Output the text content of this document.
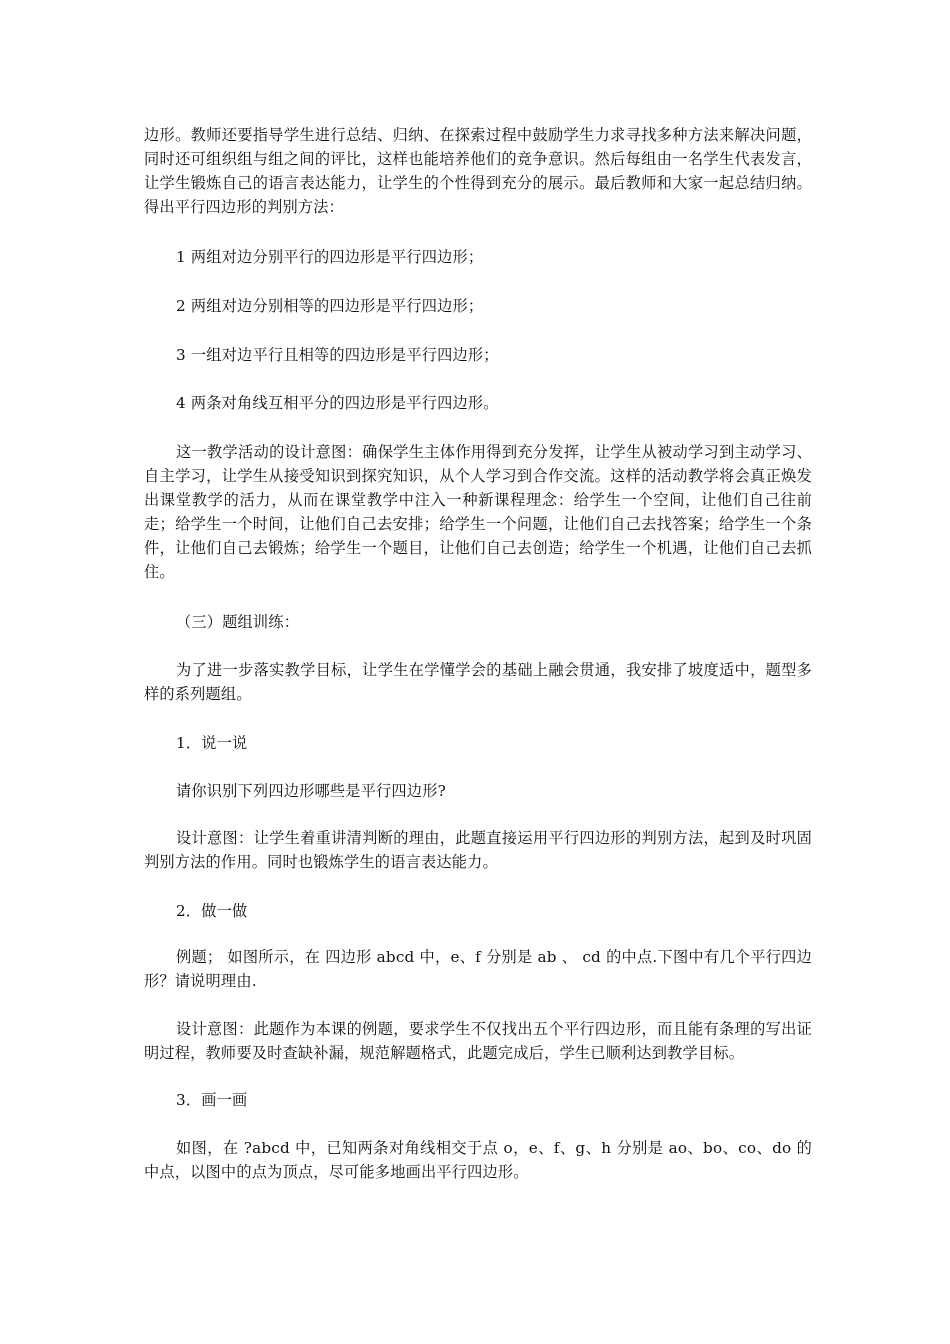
边形。教师还要指导学生进行总结、归纳、在探索过程中鼓励学生力求寻找多种方法来解决问题，同时还可组织组与组之间的评比，这样也能培养他们的竞争意识。然后每组由一名学生代表发言，让学生锻炼自己的语言表达能力，让学生的个性得到充分的展示。最后教师和大家一起总结归纳。得出平行四边形的判别方法：

1 两组对边分别平行的四边形是平行四边形；

2 两组对边分别相等的四边形是平行四边形；

3 一组对边平行且相等的四边形是平行四边形；

4 两条对角线互相平分的四边形是平行四边形。

这一教学活动的设计意图：确保学生主体作用得到充分发挥，让学生从被动学习到主动学习、自主学习，让学生从接受知识到探究知识，从个人学习到合作交流。这样的活动教学将会真正焕发出课堂教学的活力，从而在课堂教学中注入一种新课程理念：给学生一个空间，让他们自己往前走；给学生一个时间，让他们自己去安排；给学生一个问题，让他们自己去找答案；给学生一个条件，让他们自己去锻炼；给学生一个题目，让他们自己去创造；给学生一个机遇，让他们自己去抓住。

（三）题组训练：

为了进一步落实教学目标，让学生在学懂学会的基础上融会贯通，我安排了坡度适中，题型多样的系列题组。

1．说一说

请你识别下列四边形哪些是平行四边形?

设计意图：让学生着重讲清判断的理由，此题直接运用平行四边形的判别方法，起到及时巩固判别方法的作用。同时也锻炼学生的语言表达能力。

2．做一做

例题； 如图所示，在 四边形 abcd 中，e、f 分别是 ab 、 cd 的中点.下图中有几个平行四边形？请说明理由.

设计意图：此题作为本课的例题，要求学生不仅找出五个平行四边形，而且能有条理的写出证明过程，教师要及时查缺补漏，规范解题格式，此题完成后，学生已顺利达到教学目标。

3．画一画

如图，在 ?abcd 中，已知两条对角线相交于点 o，e、f、g、h 分别是 ao、bo、co、do 的中点，以图中的点为顶点，尽可能多地画出平行四边形。
